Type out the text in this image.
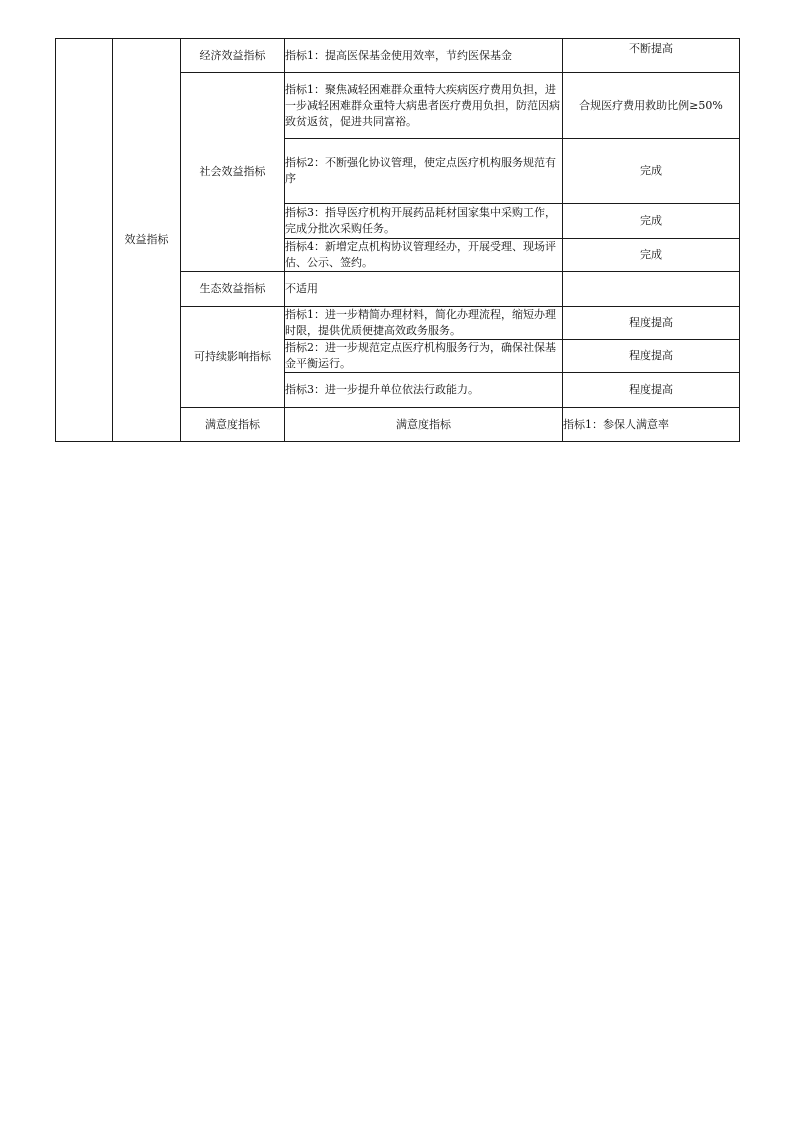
	效益指标	经济效益指标	指标1：提高医保基金使用效率，节约医保基金	不断提高	
		社会效益指标	指标1：聚焦减轻困难群众重特大疾病医疗费用负担，进一步减轻困难群众重特大病患者医疗费用负担，防范因病致贫返贫，促进共同富裕。	合规医疗费用救助比例≥50%	
			指标2：不断强化协议管理，使定点医疗机构服务规范有序	完成	
			指标3：指导医疗机构开展药品耗材国家集中采购工作，完成分批次采购任务。	完成	
			指标4：新增定点机构协议管理经办，开展受理、现场评估、公示、签约。	完成	
		生态效益指标	不适用		
		可持续影响指标	指标1：进一步精简办理材料，简化办理流程，缩短办理时限，提供优质便捷高效政务服务。	程度提高	
			指标2：进一步规范定点医疗机构服务行为，确保社保基金平衡运行。	程度提高	
			指标3：进一步提升单位依法行政能力。	程度提高	
		满意度指标	满意度指标	指标1：参保人满意率	
